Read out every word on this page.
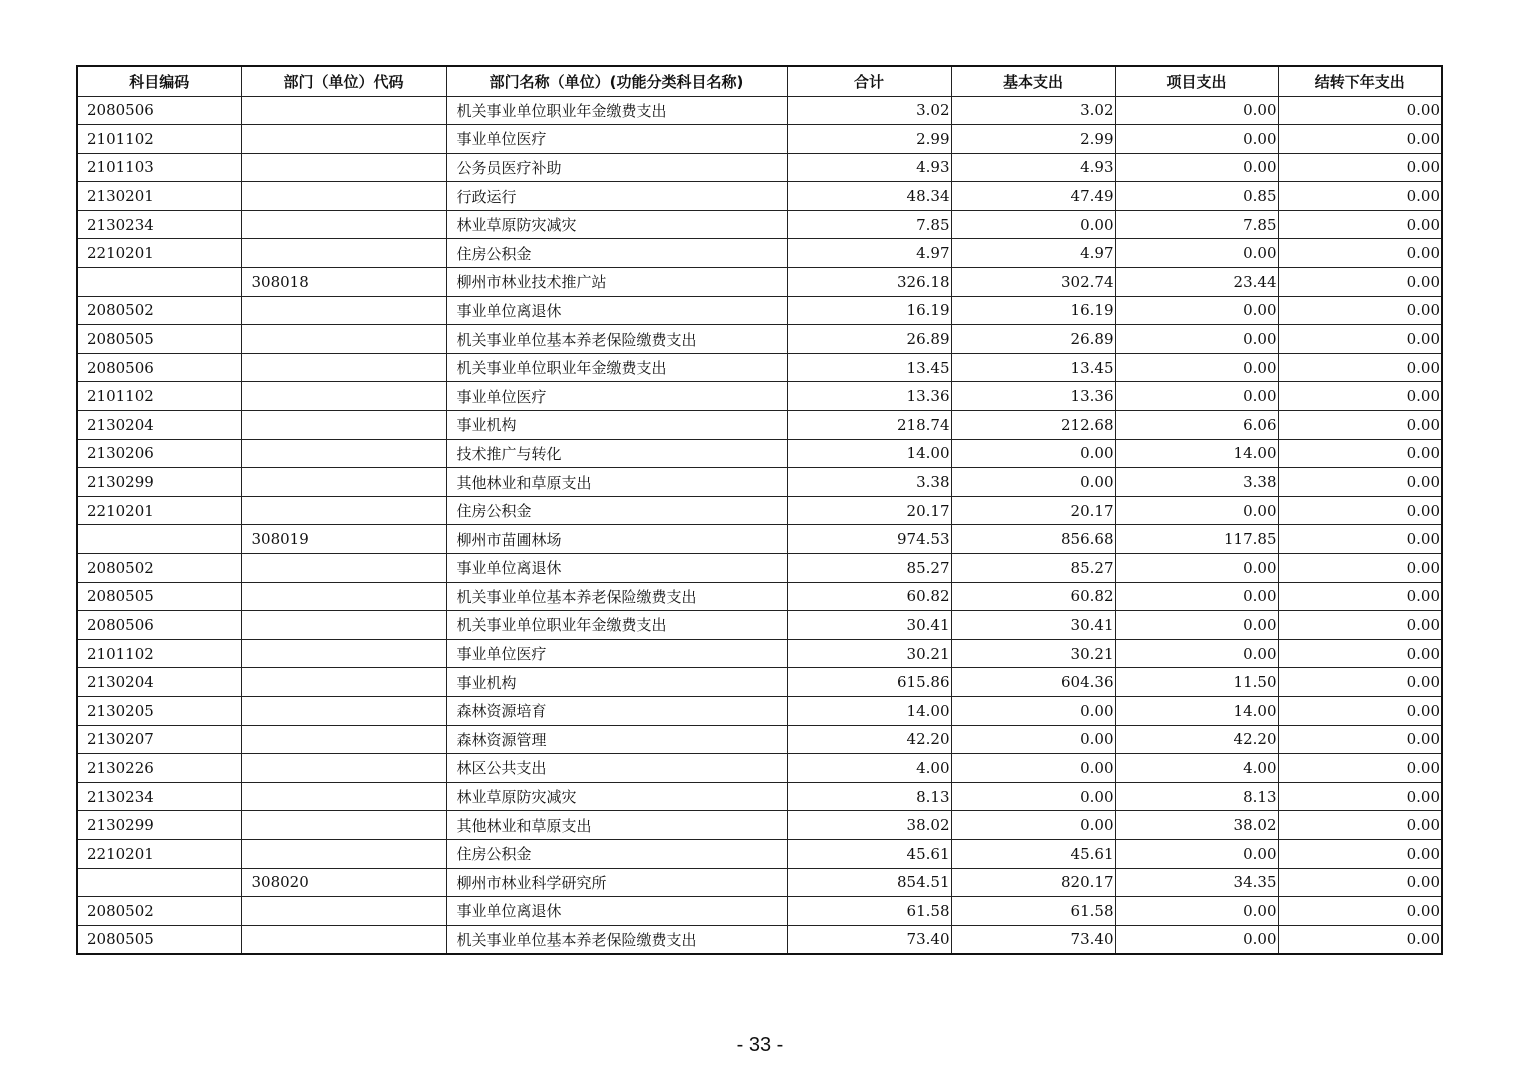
科目编码	部门（单位）代码	部门名称（单位）(功能分类科目名称)	合计	基本支出	项目支出	结转下年支出
2080506		机关事业单位职业年金缴费支出	3.02	3.02	0.00	0.00
2101102		事业单位医疗	2.99	2.99	0.00	0.00
2101103		公务员医疗补助	4.93	4.93	0.00	0.00
2130201		行政运行	48.34	47.49	0.85	0.00
2130234		林业草原防灾减灾	7.85	0.00	7.85	0.00
2210201		住房公积金	4.97	4.97	0.00	0.00
	308018	柳州市林业技术推广站	326.18	302.74	23.44	0.00
2080502		事业单位离退休	16.19	16.19	0.00	0.00
2080505		机关事业单位基本养老保险缴费支出	26.89	26.89	0.00	0.00
2080506		机关事业单位职业年金缴费支出	13.45	13.45	0.00	0.00
2101102		事业单位医疗	13.36	13.36	0.00	0.00
2130204		事业机构	218.74	212.68	6.06	0.00
2130206		技术推广与转化	14.00	0.00	14.00	0.00
2130299		其他林业和草原支出	3.38	0.00	3.38	0.00
2210201		住房公积金	20.17	20.17	0.00	0.00
	308019	柳州市苗圃林场	974.53	856.68	117.85	0.00
2080502		事业单位离退休	85.27	85.27	0.00	0.00
2080505		机关事业单位基本养老保险缴费支出	60.82	60.82	0.00	0.00
2080506		机关事业单位职业年金缴费支出	30.41	30.41	0.00	0.00
2101102		事业单位医疗	30.21	30.21	0.00	0.00
2130204		事业机构	615.86	604.36	11.50	0.00
2130205		森林资源培育	14.00	0.00	14.00	0.00
2130207		森林资源管理	42.20	0.00	42.20	0.00
2130226		林区公共支出	4.00	0.00	4.00	0.00
2130234		林业草原防灾减灾	8.13	0.00	8.13	0.00
2130299		其他林业和草原支出	38.02	0.00	38.02	0.00
2210201		住房公积金	45.61	45.61	0.00	0.00
	308020	柳州市林业科学研究所	854.51	820.17	34.35	0.00
2080502		事业单位离退休	61.58	61.58	0.00	0.00
2080505		机关事业单位基本养老保险缴费支出	73.40	73.40	0.00	0.00
- 33 -
